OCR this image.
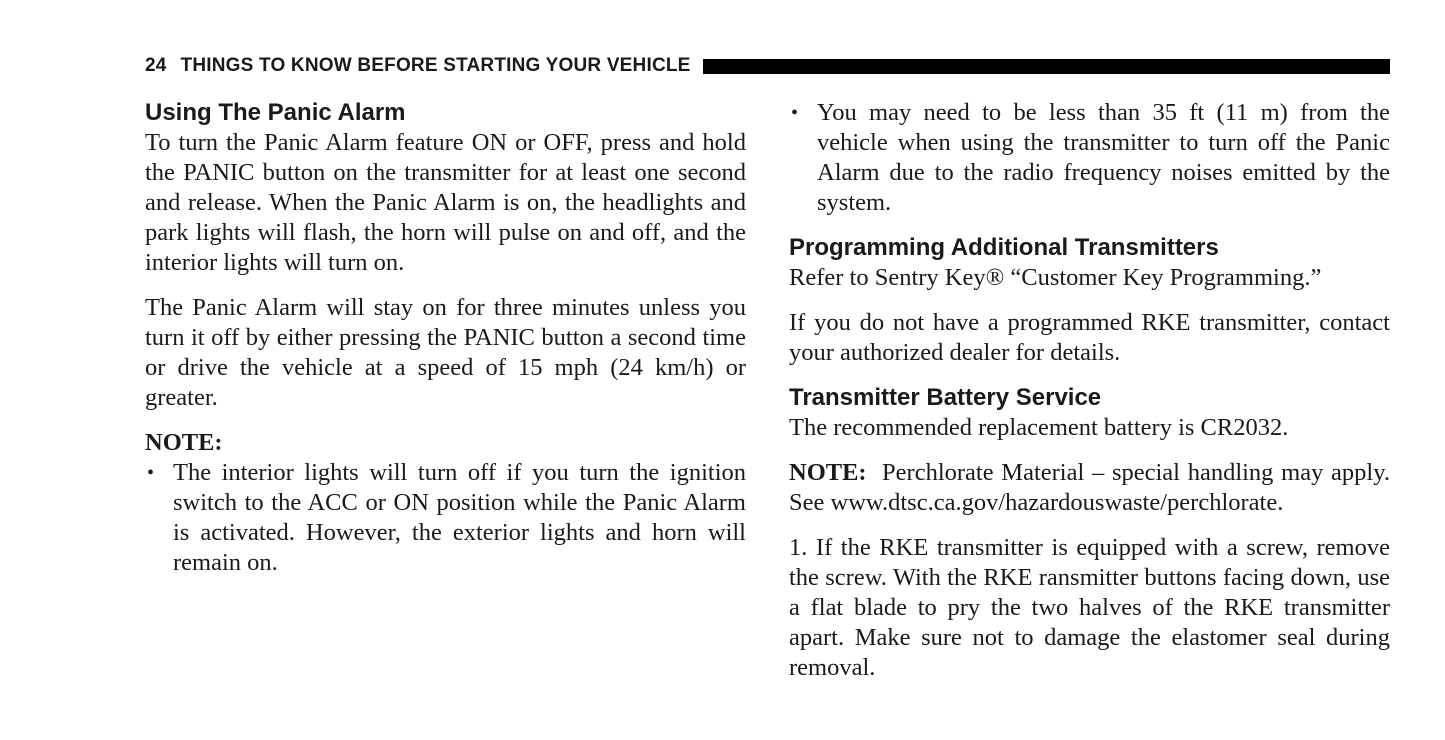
24 THINGS TO KNOW BEFORE STARTING YOUR VEHICLE
Using The Panic Alarm

To turn the Panic Alarm feature ON or OFF, press and hold the PANIC button on the transmitter for at least one second and release. When the Panic Alarm is on, the headlights and park lights will flash, the horn will pulse on and off, and the interior lights will turn on.

The Panic Alarm will stay on for three minutes unless you turn it off by either pressing the PANIC button a second time or drive the vehicle at a speed of 15 mph (24 km/h) or greater.

NOTE:

• The interior lights will turn off if you turn the ignition switch to the ACC or ON position while the Panic Alarm is activated. However, the exterior lights and horn will remain on.
• You may need to be less than 35 ft (11 m) from the vehicle when using the transmitter to turn off the Panic Alarm due to the radio frequency noises emitted by the system.
Programming Additional Transmitters

Refer to Sentry Key® “Customer Key Programming.”

If you do not have a programmed RKE transmitter, contact your authorized dealer for details.

Transmitter Battery Service

The recommended replacement battery is CR2032.

NOTE: Perchlorate Material – special handling may apply. See www.dtsc.ca.gov/hazardouswaste/perchlorate.

1. If the RKE transmitter is equipped with a screw, remove the screw. With the RKE ransmitter buttons facing down, use a flat blade to pry the two halves of the RKE transmitter apart. Make sure not to damage the elastomer seal during removal.
